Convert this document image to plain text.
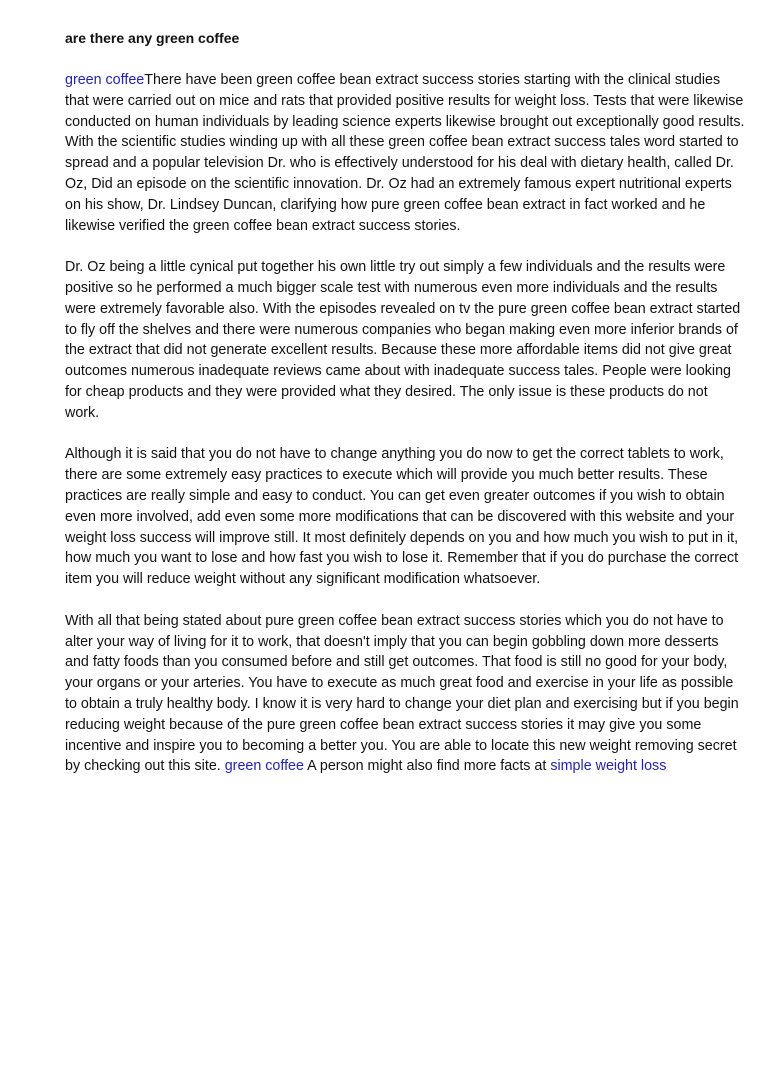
are there any green coffee

green coffeeThere have been green coffee bean extract success stories starting with the clinical studies that were carried out on mice and rats that provided positive results for weight loss. Tests that were likewise conducted on human individuals by leading science experts likewise brought out exceptionally good results.

With the scientific studies winding up with all these green coffee bean extract success tales word started to spread and a popular television Dr. who is effectively understood for his deal with dietary health, called Dr. Oz, Did an episode on the scientific innovation. Dr. Oz had an extremely famous expert nutritional experts on his show, Dr. Lindsey Duncan, clarifying how pure green coffee bean extract in fact worked and he likewise verified the green coffee bean extract success stories.

Dr. Oz being a little cynical put together his own little try out simply a few individuals and the results were positive so he performed a much bigger scale test with numerous even more individuals and the results were extremely favorable also. With the episodes revealed on tv the pure green coffee bean extract started to fly off the shelves and there were numerous companies who began making even more inferior brands of the extract that did not generate excellent results. Because these more affordable items did not give great outcomes numerous inadequate reviews came about with inadequate success tales. People were looking for cheap products and they were provided what they desired. The only issue is these products do not work.

Although it is said that you do not have to change anything you do now to get the correct tablets to work, there are some extremely easy practices to execute which will provide you much better results. These practices are really simple and easy to conduct. You can get even greater outcomes if you wish to obtain even more involved, add even some more modifications that can be discovered with this website and your weight loss success will improve still. It most definitely depends on you and how much you wish to put in it, how much you want to lose and how fast you wish to lose it. Remember that if you do purchase the correct item you will reduce weight without any significant modification whatsoever.

With all that being stated about pure green coffee bean extract success stories which you do not have to alter your way of living for it to work, that doesn't imply that you can begin gobbling down more desserts and fatty foods than you consumed before and still get outcomes. That food is still no good for your body, your organs or your arteries. You have to execute as much great food and exercise in your life as possible to obtain a truly healthy body. I know it is very hard to change your diet plan and exercising but if you begin reducing weight because of the pure green coffee bean extract success stories it may give you some incentive and inspire you to becoming a better you. You are able to locate this new weight removing secret by checking out this site. green coffee A person might also find more facts at simple weight loss
